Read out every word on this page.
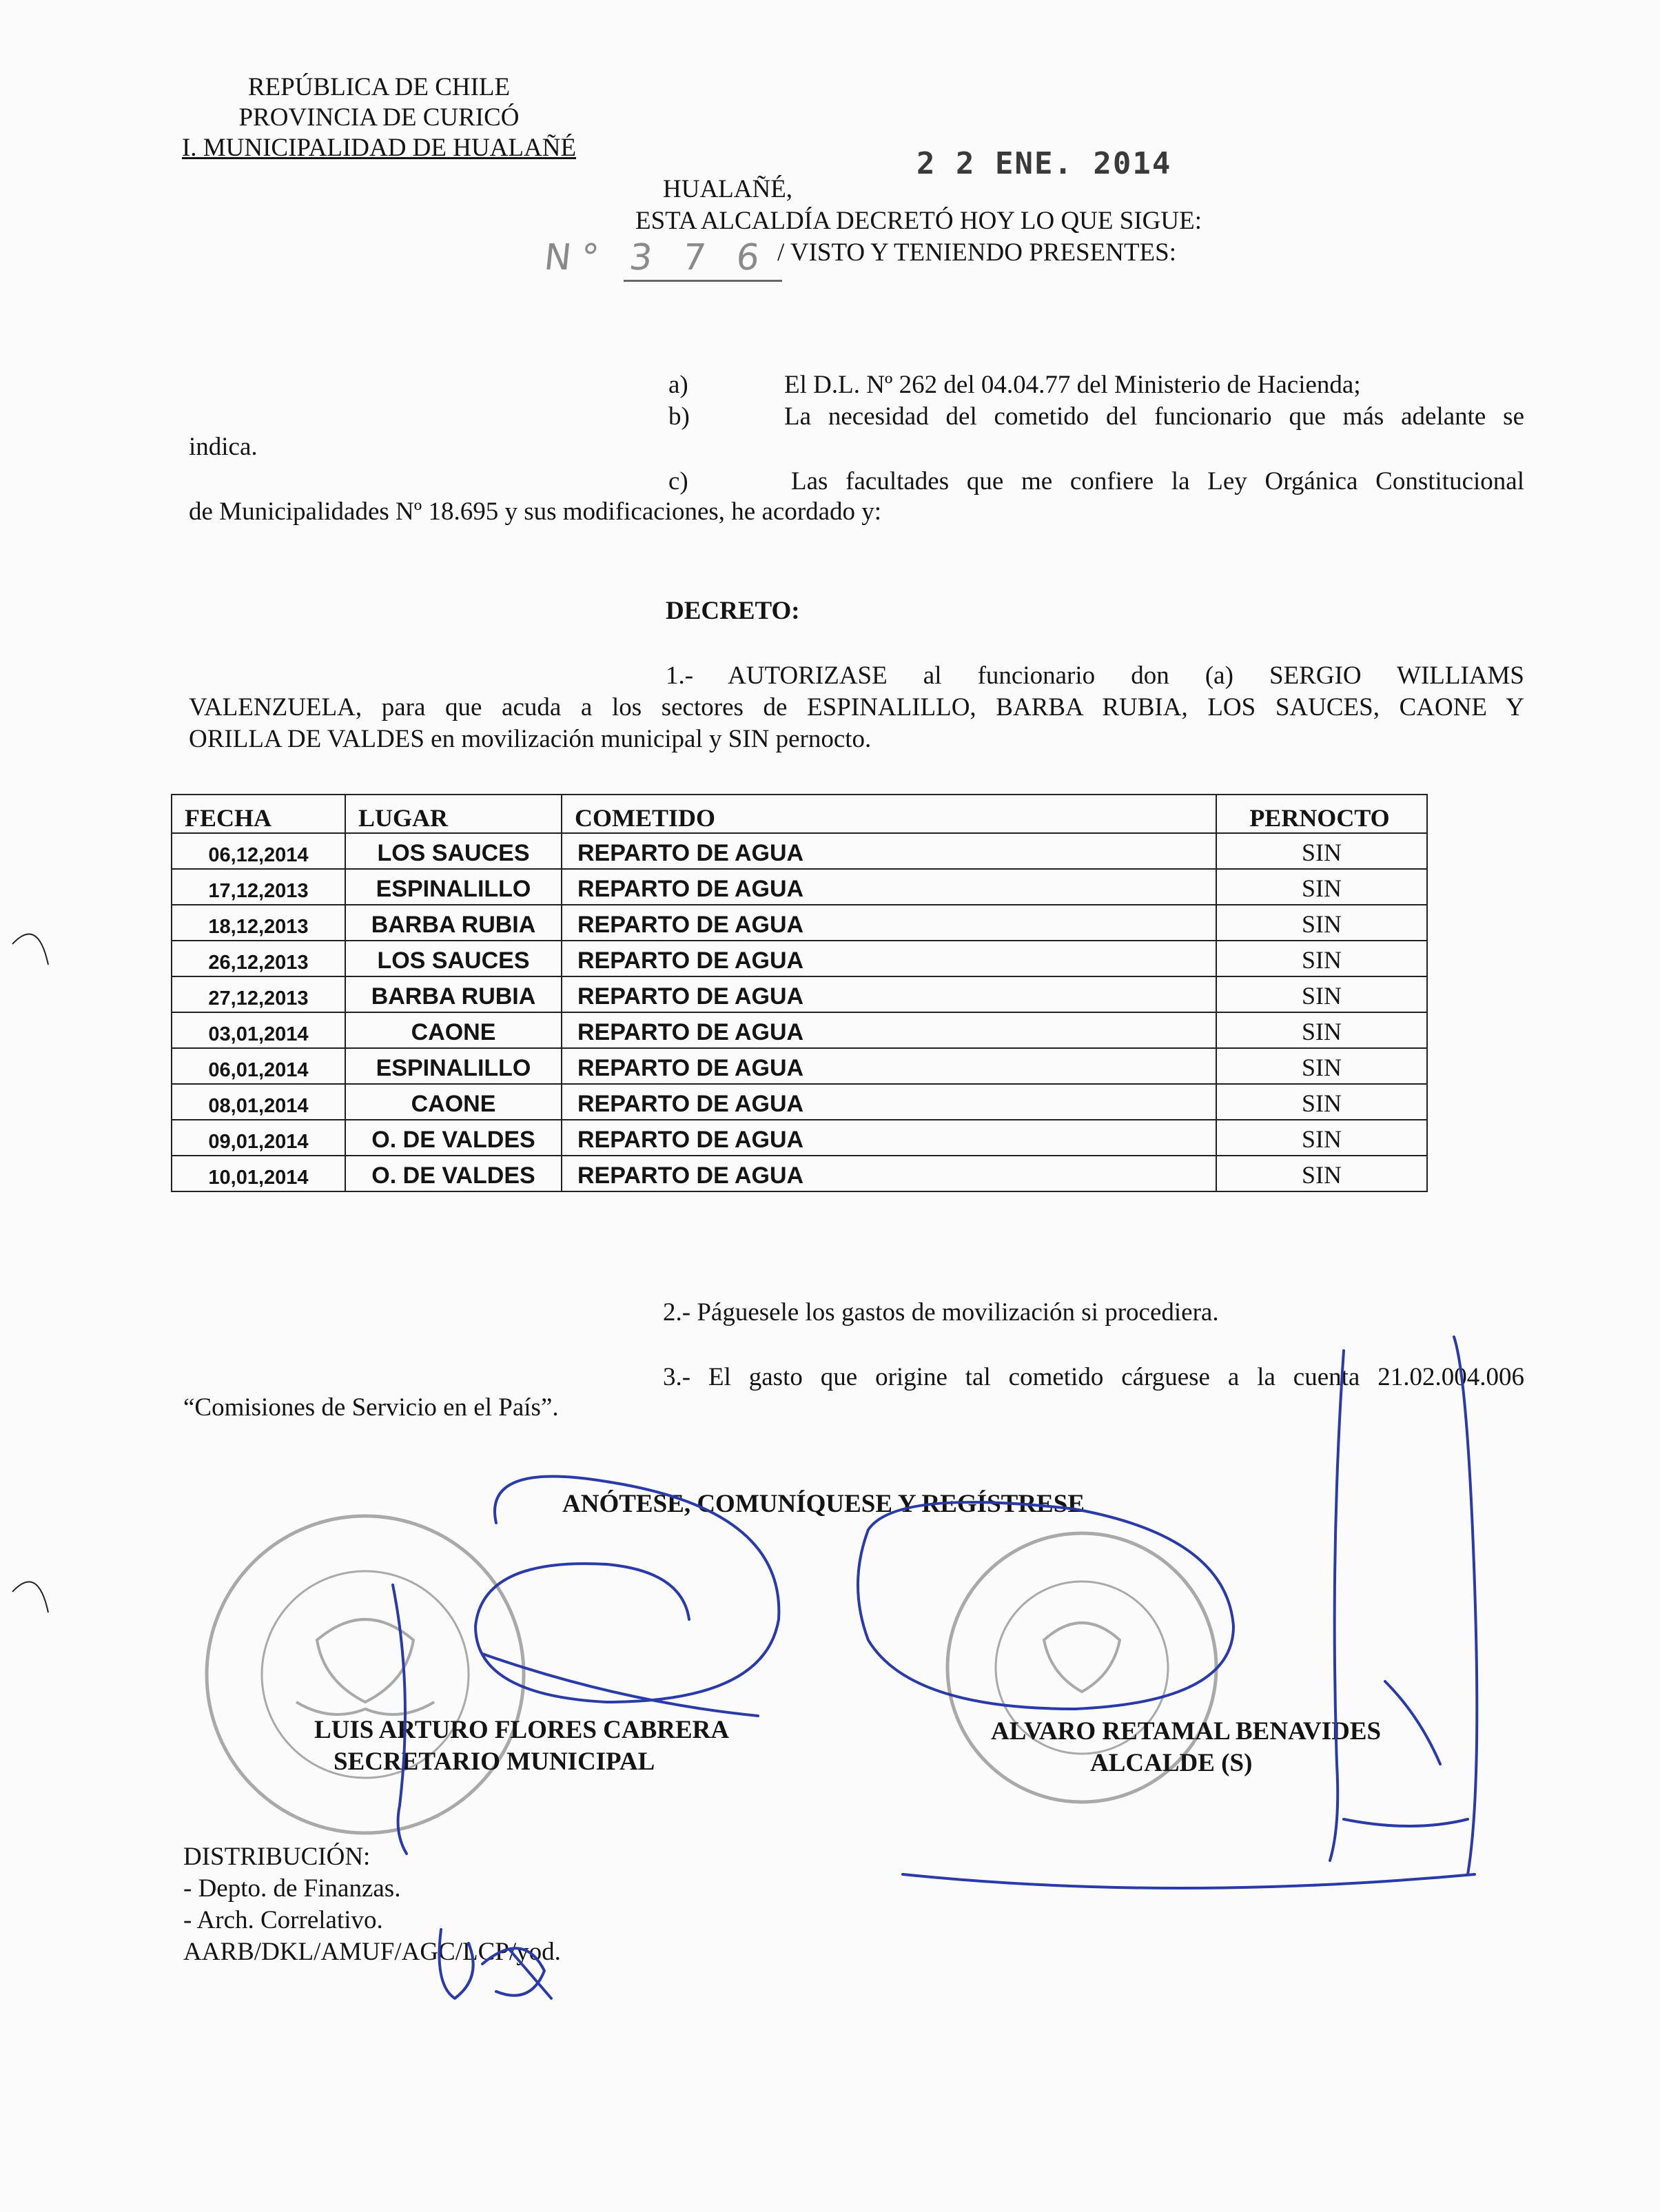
REPÚBLICA DE CHILE
PROVINCIA DE CURICÓ
I. MUNICIPALIDAD DE HUALAÑÉ	2 2 ENE. 2014
HUALAÑÉ,
ESTA ALCALDÍA DECRETÓ HOY LO QUE SIGUE:
N° 3 7 6 / VISTO Y TENIENDO PRESENTES:
a)	El D.L. Nº 262 del 04.04.77 del Ministerio de Hacienda;
b)	La necesidad del cometido del funcionario que más adelante se
indica.
c)	Las facultades que me confiere la Ley Orgánica Constitucional
de Municipalidades Nº 18.695 y sus modificaciones, he acordado y:
DECRETO:
1.- AUTORIZASE al funcionario don (a) SERGIO WILLIAMS
VALENZUELA, para que acuda a los sectores de ESPINALILLO, BARBA RUBIA, LOS SAUCES, CAONE Y
ORILLA DE VALDES en movilización municipal y SIN pernocto.
FECHA	LUGAR	COMETIDO	PERNOCTO
06,12,2014	LOS SAUCES	REPARTO DE AGUA	SIN
17,12,2013	ESPINALILLO	REPARTO DE AGUA	SIN
18,12,2013	BARBA RUBIA	REPARTO DE AGUA	SIN
26,12,2013	LOS SAUCES	REPARTO DE AGUA	SIN
27,12,2013	BARBA RUBIA	REPARTO DE AGUA	SIN
03,01,2014	CAONE	REPARTO DE AGUA	SIN
06,01,2014	ESPINALILLO	REPARTO DE AGUA	SIN
08,01,2014	CAONE	REPARTO DE AGUA	SIN
09,01,2014	O. DE VALDES	REPARTO DE AGUA	SIN
10,01,2014	O. DE VALDES	REPARTO DE AGUA	SIN
2.- Páguesele los gastos de movilización si procediera.
3.- El gasto que origine tal cometido cárguese a la cuenta 21.02.004.006
“Comisiones de Servicio en el País”.
ANÓTESE, COMUNÍQUESE Y REGÍSTRESE
LUIS ARTURO FLORES CABRERA
SECRETARIO MUNICIPAL
ALVARO RETAMAL BENAVIDES
ALCALDE (S)
DISTRIBUCIÓN:
- Depto. de Finanzas.
- Arch. Correlativo.
AARB/DKL/AMUF/AGC/LCP/yod.
